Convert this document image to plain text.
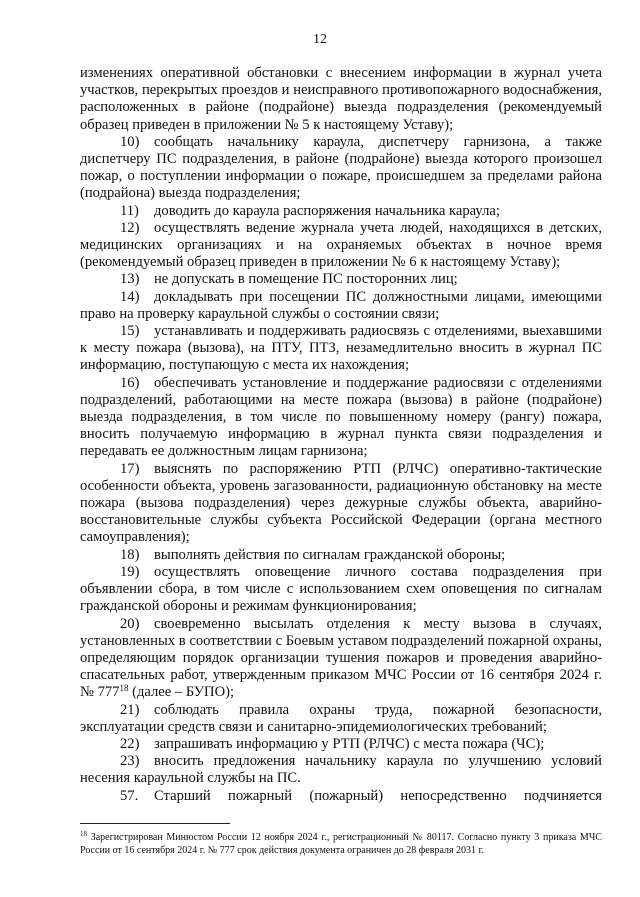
12

изменениях оперативной обстановки с внесением информации в журнал учета участков, перекрытых проездов и неисправного противопожарного водоснабжения, расположенных в районе (подрайоне) выезда подразделения (рекомендуемый образец приведен в приложении № 5 к настоящему Уставу);

10) сообщать начальнику караула, диспетчеру гарнизона, а также диспетчеру ПС подразделения, в районе (подрайоне) выезда которого произошел пожар, о поступлении информации о пожаре, происшедшем за пределами района (подрайона) выезда подразделения;

11) доводить до караула распоряжения начальника караула;

12) осуществлять ведение журнала учета людей, находящихся в детских, медицинских организациях и на охраняемых объектах в ночное время (рекомендуемый образец приведен в приложении № 6 к настоящему Уставу);

13) не допускать в помещение ПС посторонних лиц;

14) докладывать при посещении ПС должностными лицами, имеющими право на проверку караульной службы о состоянии связи;

15) устанавливать и поддерживать радиосвязь с отделениями, выехавшими к месту пожара (вызова), на ПТУ, ПТЗ, незамедлительно вносить в журнал ПС информацию, поступающую с места их нахождения;

16) обеспечивать установление и поддержание радиосвязи с отделениями подразделений, работающими на месте пожара (вызова) в районе (подрайоне) выезда подразделения, в том числе по повышенному номеру (рангу) пожара, вносить получаемую информацию в журнал пункта связи подразделения и передавать ее должностным лицам гарнизона;

17) выяснять по распоряжению РТП (РЛЧС) оперативно-тактические особенности объекта, уровень загазованности, радиационную обстановку на месте пожара (вызова подразделения) через дежурные службы объекта, аварийно-восстановительные службы субъекта Российской Федерации (органа местного самоуправления);

18) выполнять действия по сигналам гражданской обороны;

19) осуществлять оповещение личного состава подразделения при объявлении сбора, в том числе с использованием схем оповещения по сигналам гражданской обороны и режимам функционирования;

20) своевременно высылать отделения к месту вызова в случаях, установленных в соответствии с Боевым уставом подразделений пожарной охраны, определяющим порядок организации тушения пожаров и проведения аварийно-спасательных работ, утвержденным приказом МЧС России от 16 сентября 2024 г. № $777^{18}$ (далее – БУПО);

21) соблюдать правила охраны труда, пожарной безопасности, эксплуатации средств связи и санитарно-эпидемиологических требований;

22) запрашивать информацию у РТП (РЛЧС) с места пожара (ЧС);

23) вносить предложения начальнику караула по улучшению условий несения караульной службы на ПС.

57. Старший пожарный (пожарный) непосредственно подчиняется

$^{18}$ Зарегистрирован Минюстом России 12 ноября 2024 г., регистрационный № 80117. Согласно пункту 3 приказа МЧС России от 16 сентября 2024 г. № 777 срок действия документа ограничен до 28 февраля 2031 г.
